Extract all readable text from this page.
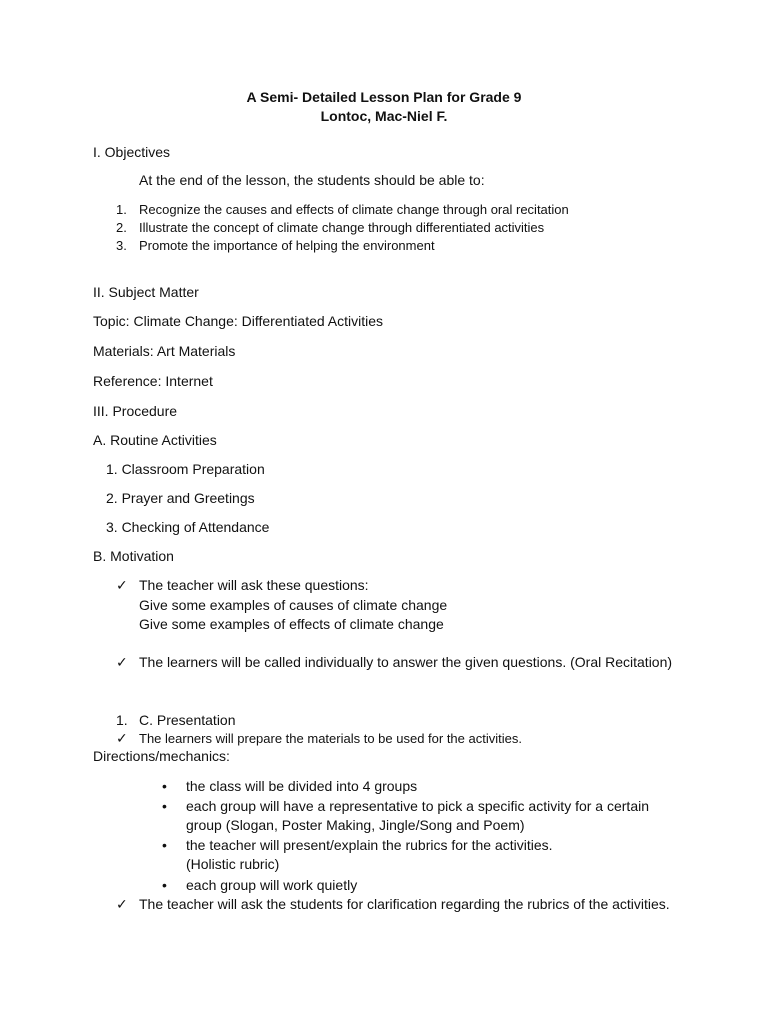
A Semi- Detailed Lesson Plan for Grade 9
Lontoc, Mac-Niel F.
I. Objectives
At the end of the lesson, the students should be able to:
1. Recognize the causes and effects of climate change through oral recitation
2. Illustrate the concept of climate change through differentiated activities
3. Promote the importance of helping the environment
II. Subject Matter
Topic: Climate Change: Differentiated Activities
Materials: Art Materials
Reference: Internet
III. Procedure
A. Routine Activities
1. Classroom Preparation
2. Prayer and Greetings
3. Checking of Attendance
B. Motivation
✓ The teacher will ask these questions:
Give some examples of causes of climate change
Give some examples of effects of climate change
✓ The learners will be called individually to answer the given questions. (Oral Recitation)
1. C. Presentation
✓ The learners will prepare the materials to be used for the activities.
Directions/mechanics:
• the class will be divided into 4 groups
• each group will have a representative to pick a specific activity for a certain
group (Slogan, Poster Making, Jingle/Song and Poem)
• the teacher will present/explain the rubrics for the activities.
(Holistic rubric)
• each group will work quietly
✓ The teacher will ask the students for clarification regarding the rubrics of the activities.
